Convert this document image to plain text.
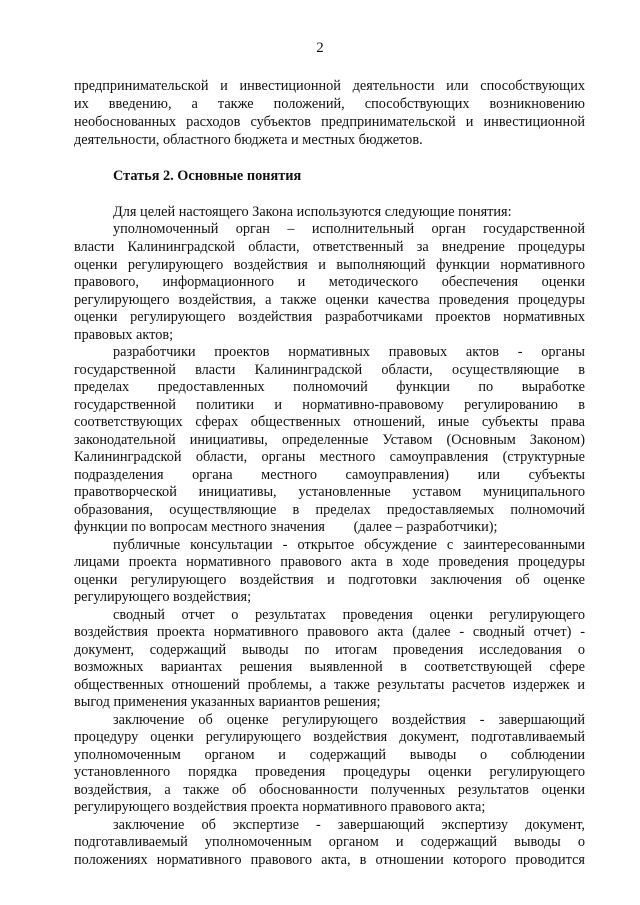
2
предпринимательской и инвестиционной деятельности или способствующих
их введению, а также положений, способствующих возникновению
необоснованных расходов субъектов предпринимательской и инвестиционной
деятельности, областного бюджета и местных бюджетов.
Статья 2. Основные понятия
Для целей настоящего Закона используются следующие понятия:
уполномоченный орган – исполнительный орган государственной
власти Калининградской области, ответственный за внедрение процедуры
оценки регулирующего воздействия и выполняющий функции нормативного
правового, информационного и методического обеспечения оценки
регулирующего воздействия, а также оценки качества проведения процедуры
оценки регулирующего воздействия разработчиками проектов нормативных
правовых актов;
разработчики проектов нормативных правовых актов - органы
государственной власти Калининградской области, осуществляющие в
пределах предоставленных полномочий функции по выработке
государственной политики и нормативно-правовому регулированию в
соответствующих сферах общественных отношений, иные субъекты права
законодательной инициативы, определенные Уставом (Основным Законом)
Калининградской области, органы местного самоуправления (структурные
подразделения органа местного самоуправления) или субъекты
правотворческой инициативы, установленные уставом муниципального
образования, осуществляющие в пределах предоставляемых полномочий
функции по вопросам местного значения        (далее – разработчики);
публичные консультации - открытое обсуждение с заинтересованными
лицами проекта нормативного правового акта в ходе проведения процедуры
оценки регулирующего воздействия и подготовки заключения об оценке
регулирующего воздействия;
сводный отчет о результатах проведения оценки регулирующего
воздействия проекта нормативного правового акта (далее - сводный отчет) -
документ, содержащий выводы по итогам проведения исследования о
возможных вариантах решения выявленной в соответствующей сфере
общественных отношений проблемы, а также результаты расчетов издержек и
выгод применения указанных вариантов решения;
заключение об оценке регулирующего воздействия - завершающий
процедуру оценки регулирующего воздействия документ, подготавливаемый
уполномоченным органом и содержащий выводы о соблюдении
установленного порядка проведения процедуры оценки регулирующего
воздействия, а также об обоснованности полученных результатов оценки
регулирующего воздействия проекта нормативного правового акта;
заключение об экспертизе - завершающий экспертизу документ,
подготавливаемый уполномоченным органом и содержащий выводы о
положениях нормативного правового акта, в отношении которого проводится
